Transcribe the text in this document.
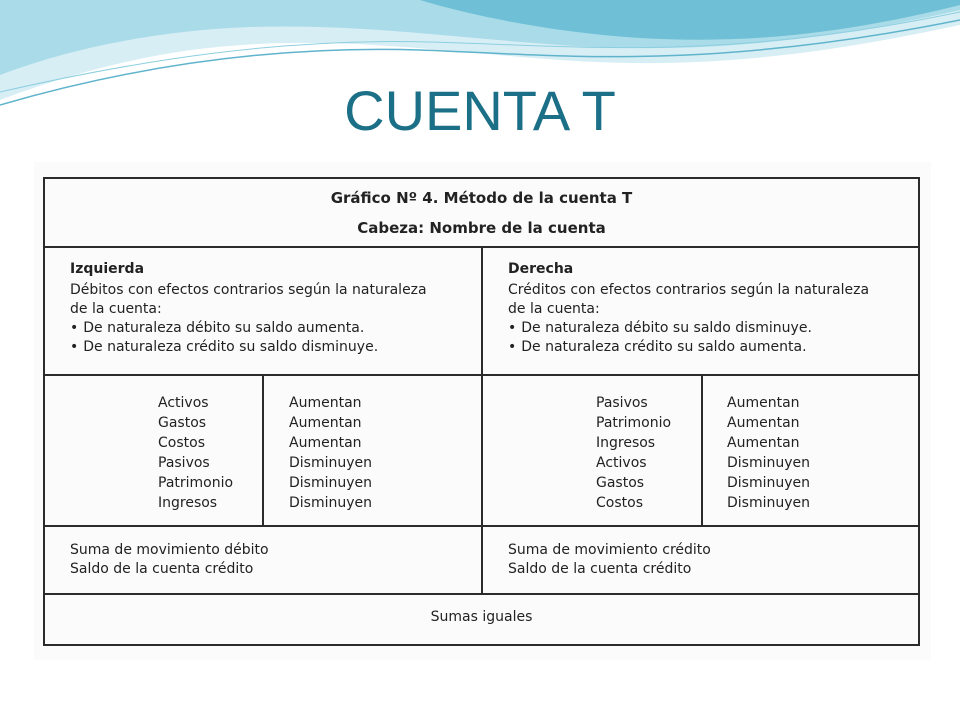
CUENTA T
Gráfico Nº 4. Método de la cuenta T
Cabeza: Nombre de la cuenta
Izquierda
Débitos con efectos contrarios según la naturaleza
de la cuenta:
• De naturaleza débito su saldo aumenta.
• De naturaleza crédito su saldo disminuye.
Derecha
Créditos con efectos contrarios según la naturaleza
de la cuenta:
• De naturaleza débito su saldo disminuye.
• De naturaleza crédito su saldo aumenta.
Activos
Gastos
Costos
Pasivos
Patrimonio
Ingresos
Aumentan
Aumentan
Aumentan
Disminuyen
Disminuyen
Disminuyen
Pasivos
Patrimonio
Ingresos
Activos
Gastos
Costos
Aumentan
Aumentan
Aumentan
Disminuyen
Disminuyen
Disminuyen
Suma de movimiento débito
Saldo de la cuenta crédito
Suma de movimiento crédito
Saldo de la cuenta crédito
Sumas iguales
